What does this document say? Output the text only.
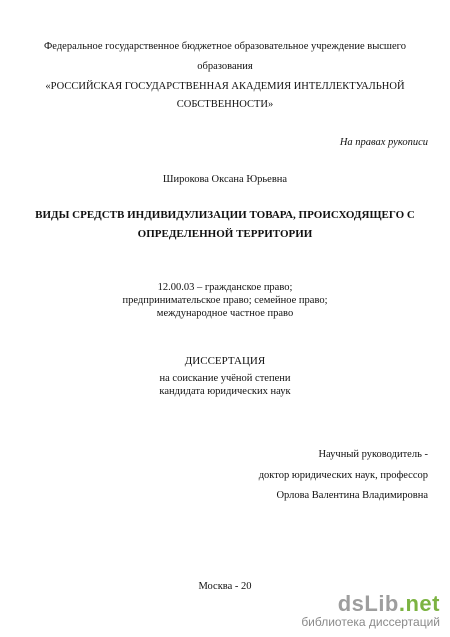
Федеральное государственное бюджетное образовательное учреждение высшего
образования
«РОССИЙСКАЯ ГОСУДАРСТВЕННАЯ АКАДЕМИЯ ИНТЕЛЛЕКТУАЛЬНОЙ
СОБСТВЕННОСТИ»
На правах рукописи
Широкова Оксана Юрьевна
ВИДЫ СРЕДСТВ ИНДИВИДУЛИЗАЦИИ ТОВАРА, ПРОИСХОДЯЩЕГО С
ОПРЕДЕЛЕННОЙ ТЕРРИТОРИИ
12.00.03 – гражданское право;
предпринимательское право; семейное право;
международное частное право
ДИССЕРТАЦИЯ
на соискание учёной степени
кандидата юридических наук
Научный руководитель -
доктор юридических наук, профессор
Орлова Валентина Владимировна
Москва - 20
dsLib.net
библиотека диссертаций
